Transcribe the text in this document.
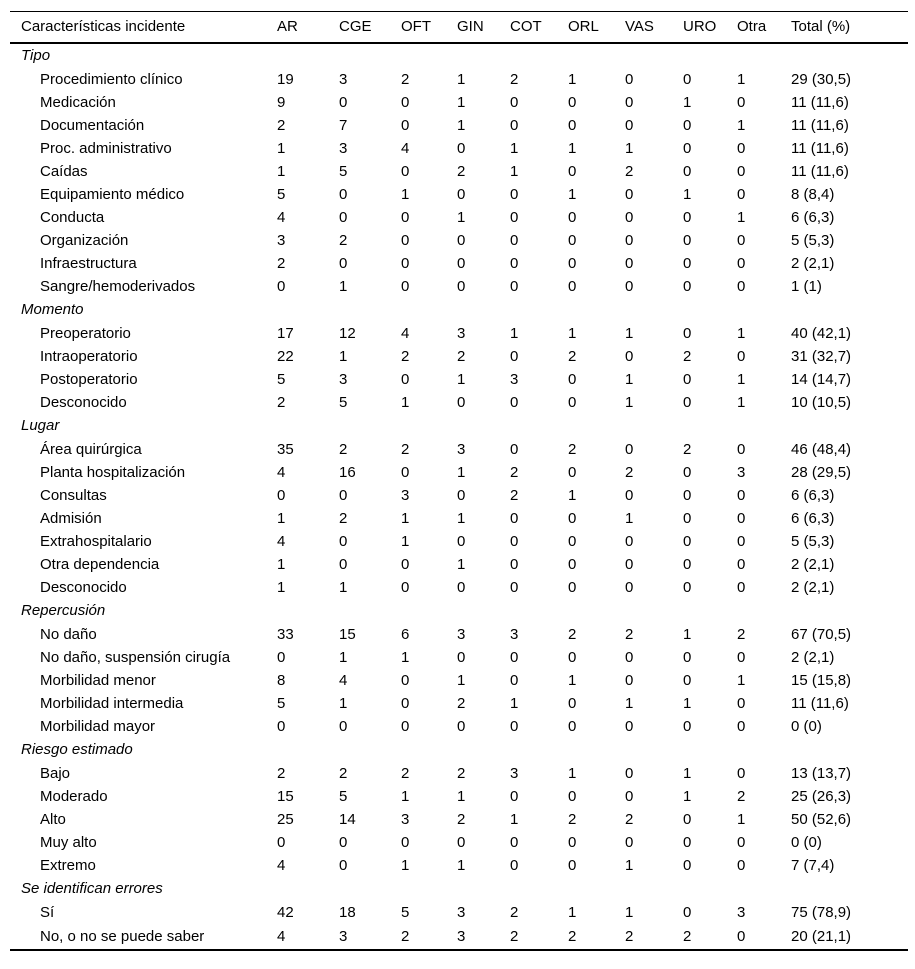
Características incidente	AR	CGE	OFT	GIN	COT	ORL	VAS	URO	Otra	Total (%)
Tipo										
Procedimiento clínico	19	3	2	1	2	1	0	0	1	29 (30,5)
Medicación	9	0	0	1	0	0	0	1	0	11 (11,6)
Documentación	2	7	0	1	0	0	0	0	1	11 (11,6)
Proc. administrativo	1	3	4	0	1	1	1	0	0	11 (11,6)
Caídas	1	5	0	2	1	0	2	0	0	11 (11,6)
Equipamiento médico	5	0	1	0	0	1	0	1	0	8 (8,4)
Conducta	4	0	0	1	0	0	0	0	1	6 (6,3)
Organización	3	2	0	0	0	0	0	0	0	5 (5,3)
Infraestructura	2	0	0	0	0	0	0	0	0	2 (2,1)
Sangre/hemoderivados	0	1	0	0	0	0	0	0	0	1 (1)
Momento										
Preoperatorio	17	12	4	3	1	1	1	0	1	40 (42,1)
Intraoperatorio	22	1	2	2	0	2	0	2	0	31 (32,7)
Postoperatorio	5	3	0	1	3	0	1	0	1	14 (14,7)
Desconocido	2	5	1	0	0	0	1	0	1	10 (10,5)
Lugar										
Área quirúrgica	35	2	2	3	0	2	0	2	0	46 (48,4)
Planta hospitalización	4	16	0	1	2	0	2	0	3	28 (29,5)
Consultas	0	0	3	0	2	1	0	0	0	6 (6,3)
Admisión	1	2	1	1	0	0	1	0	0	6 (6,3)
Extrahospitalario	4	0	1	0	0	0	0	0	0	5 (5,3)
Otra dependencia	1	0	0	1	0	0	0	0	0	2 (2,1)
Desconocido	1	1	0	0	0	0	0	0	0	2 (2,1)
Repercusión										
No daño	33	15	6	3	3	2	2	1	2	67 (70,5)
No daño, suspensión cirugía	0	1	1	0	0	0	0	0	0	2 (2,1)
Morbilidad menor	8	4	0	1	0	1	0	0	1	15 (15,8)
Morbilidad intermedia	5	1	0	2	1	0	1	1	0	11 (11,6)
Morbilidad mayor	0	0	0	0	0	0	0	0	0	0 (0)
Riesgo estimado										
Bajo	2	2	2	2	3	1	0	1	0	13 (13,7)
Moderado	15	5	1	1	0	0	0	1	2	25 (26,3)
Alto	25	14	3	2	1	2	2	0	1	50 (52,6)
Muy alto	0	0	0	0	0	0	0	0	0	0 (0)
Extremo	4	0	1	1	0	0	1	0	0	7 (7,4)
Se identifican errores										
Sí	42	18	5	3	2	1	1	0	3	75 (78,9)
No, o no se puede saber	4	3	2	3	2	2	2	2	0	20 (21,1)
